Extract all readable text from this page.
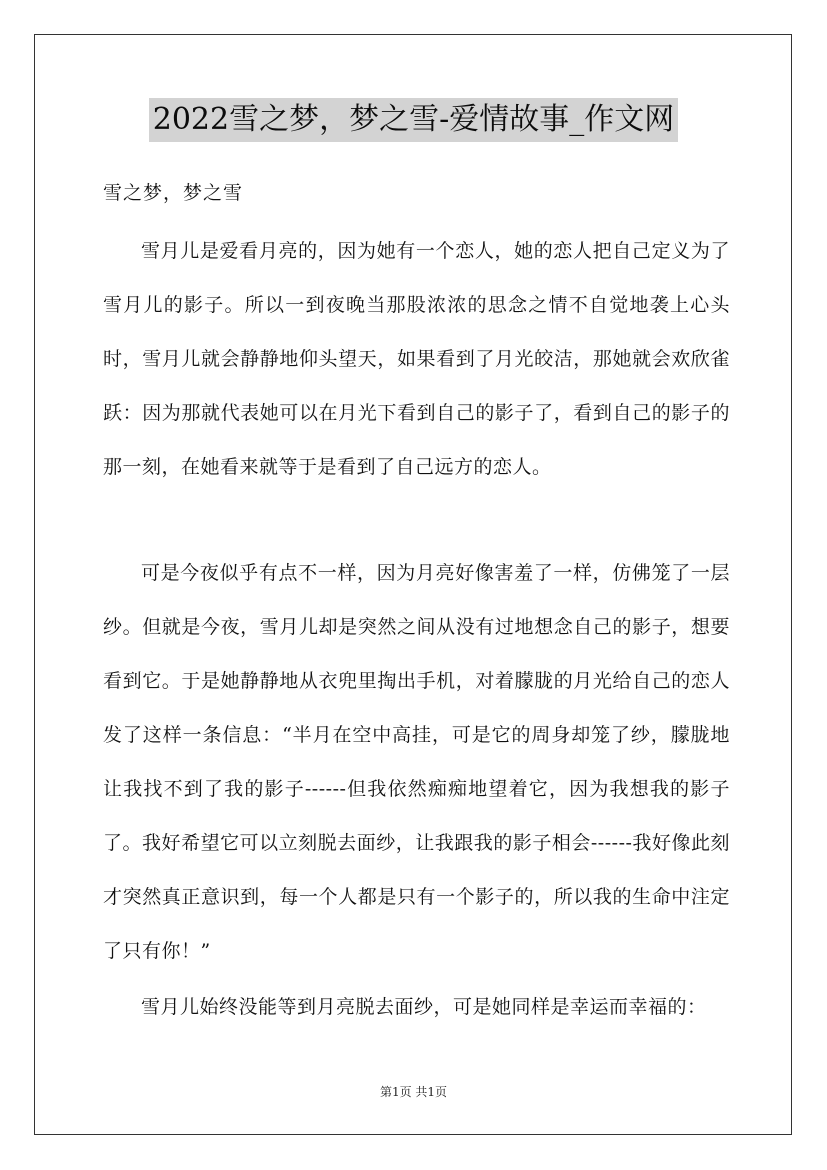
2022雪之梦，梦之雪-爱情故事_作文网
雪之梦，梦之雪

雪月儿是爱看月亮的，因为她有一个恋人，她的恋人把自己定义为了雪月儿的影子。所以一到夜晚当那股浓浓的思念之情不自觉地袭上心头时，雪月儿就会静静地仰头望天，如果看到了月光皎洁，那她就会欢欣雀跃：因为那就代表她可以在月光下看到自己的影子了，看到自己的影子的那一刻，在她看来就等于是看到了自己远方的恋人。

可是今夜似乎有点不一样，因为月亮好像害羞了一样，仿佛笼了一层纱。但就是今夜，雪月儿却是突然之间从没有过地想念自己的影子，想要看到它。于是她静静地从衣兜里掏出手机，对着朦胧的月光给自己的恋人发了这样一条信息：“半月在空中高挂，可是它的周身却笼了纱，朦胧地让我找不到了我的影子------但我依然痴痴地望着它，因为我想我的影子了。我好希望它可以立刻脱去面纱，让我跟我的影子相会------我好像此刻才突然真正意识到，每一个人都是只有一个影子的，所以我的生命中注定了只有你！”

雪月儿始终没能等到月亮脱去面纱，可是她同样是幸运而幸福的：

第1页 共1页
